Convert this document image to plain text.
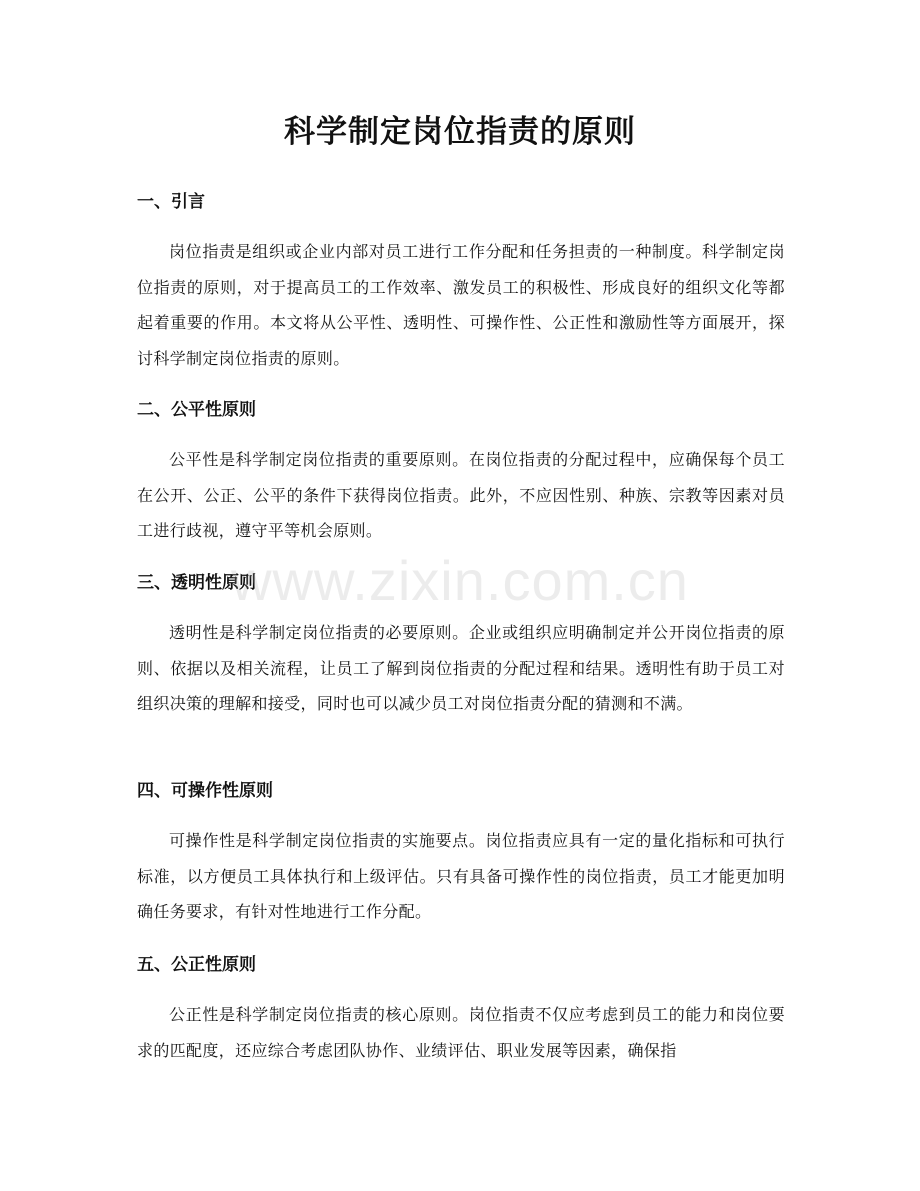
科学制定岗位指责的原则
一、引言

岗位指责是组织或企业内部对员工进行工作分配和任务担责的一种制度。科学制定岗位指责的原则，对于提高员工的工作效率、激发员工的积极性、形成良好的组织文化等都起着重要的作用。本文将从公平性、透明性、可操作性、公正性和激励性等方面展开，探讨科学制定岗位指责的原则。

二、公平性原则

公平性是科学制定岗位指责的重要原则。在岗位指责的分配过程中，应确保每个员工在公开、公正、公平的条件下获得岗位指责。此外，不应因性别、种族、宗教等因素对员工进行歧视，遵守平等机会原则。

三、透明性原则

透明性是科学制定岗位指责的必要原则。企业或组织应明确制定并公开岗位指责的原则、依据以及相关流程，让员工了解到岗位指责的分配过程和结果。透明性有助于员工对组织决策的理解和接受，同时也可以减少员工对岗位指责分配的猜测和不满。

四、可操作性原则

可操作性是科学制定岗位指责的实施要点。岗位指责应具有一定的量化指标和可执行标准，以方便员工具体执行和上级评估。只有具备可操作性的岗位指责，员工才能更加明确任务要求，有针对性地进行工作分配。

五、公正性原则

公正性是科学制定岗位指责的核心原则。岗位指责不仅应考虑到员工的能力和岗位要求的匹配度，还应综合考虑团队协作、业绩评估、职业发展等因素，确保指

www.zixin.com.cn
